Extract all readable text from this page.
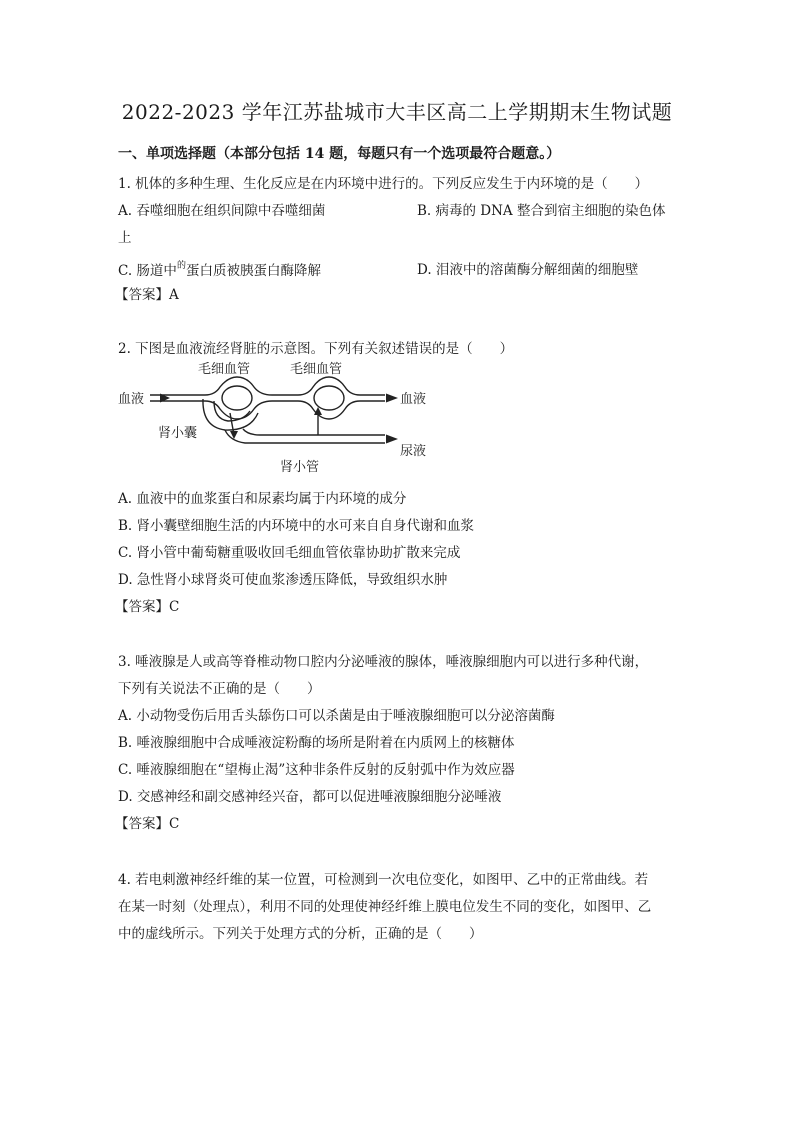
2022-2023 学年江苏盐城市大丰区高二上学期期末生物试题
一、单项选择题（本部分包括 14 题，每题只有一个选项最符合题意。）
1. 机体的多种生理、生化反应是在内环境中进行的。下列反应发生于内环境的是（　　）
A. 吞噬细胞在组织间隙中吞噬细菌	B. 病毒的 DNA 整合到宿主细胞的染色体
上
C. 肠道中$^的$蛋白质被胰蛋白酶降解	D. 泪液中的溶菌酶分解细菌的细胞壁
【答案】A
2. 下图是血液流经肾脏的示意图。下列有关叙述错误的是（　　）
毛细血管	毛细血管
血液	血液
肾小囊
肾小管
尿液
A. 血液中的血浆蛋白和尿素均属于内环境的成分
B. 肾小囊壁细胞生活的内环境中的水可来自自身代谢和血浆
C. 肾小管中葡萄糖重吸收回毛细血管依靠协助扩散来完成
D. 急性肾小球肾炎可使血浆渗透压降低，导致组织水肿
【答案】C
3. 唾液腺是人或高等脊椎动物口腔内分泌唾液的腺体，唾液腺细胞内可以进行多种代谢，
下列有关说法不正确的是（　　）
A. 小动物受伤后用舌头舔伤口可以杀菌是由于唾液腺细胞可以分泌溶菌酶
B. 唾液腺细胞中合成唾液淀粉酶的场所是附着在内质网上的核糖体
C. 唾液腺细胞在“望梅止渴”这种非条件反射的反射弧中作为效应器
D. 交感神经和副交感神经兴奋，都可以促进唾液腺细胞分泌唾液
【答案】C
4. 若电刺激神经纤维的某一位置，可检测到一次电位变化，如图甲、乙中的正常曲线。若
在某一时刻（处理点），利用不同的处理使神经纤维上膜电位发生不同的变化，如图甲、乙
中的虚线所示。下列关于处理方式的分析，正确的是（　　）
